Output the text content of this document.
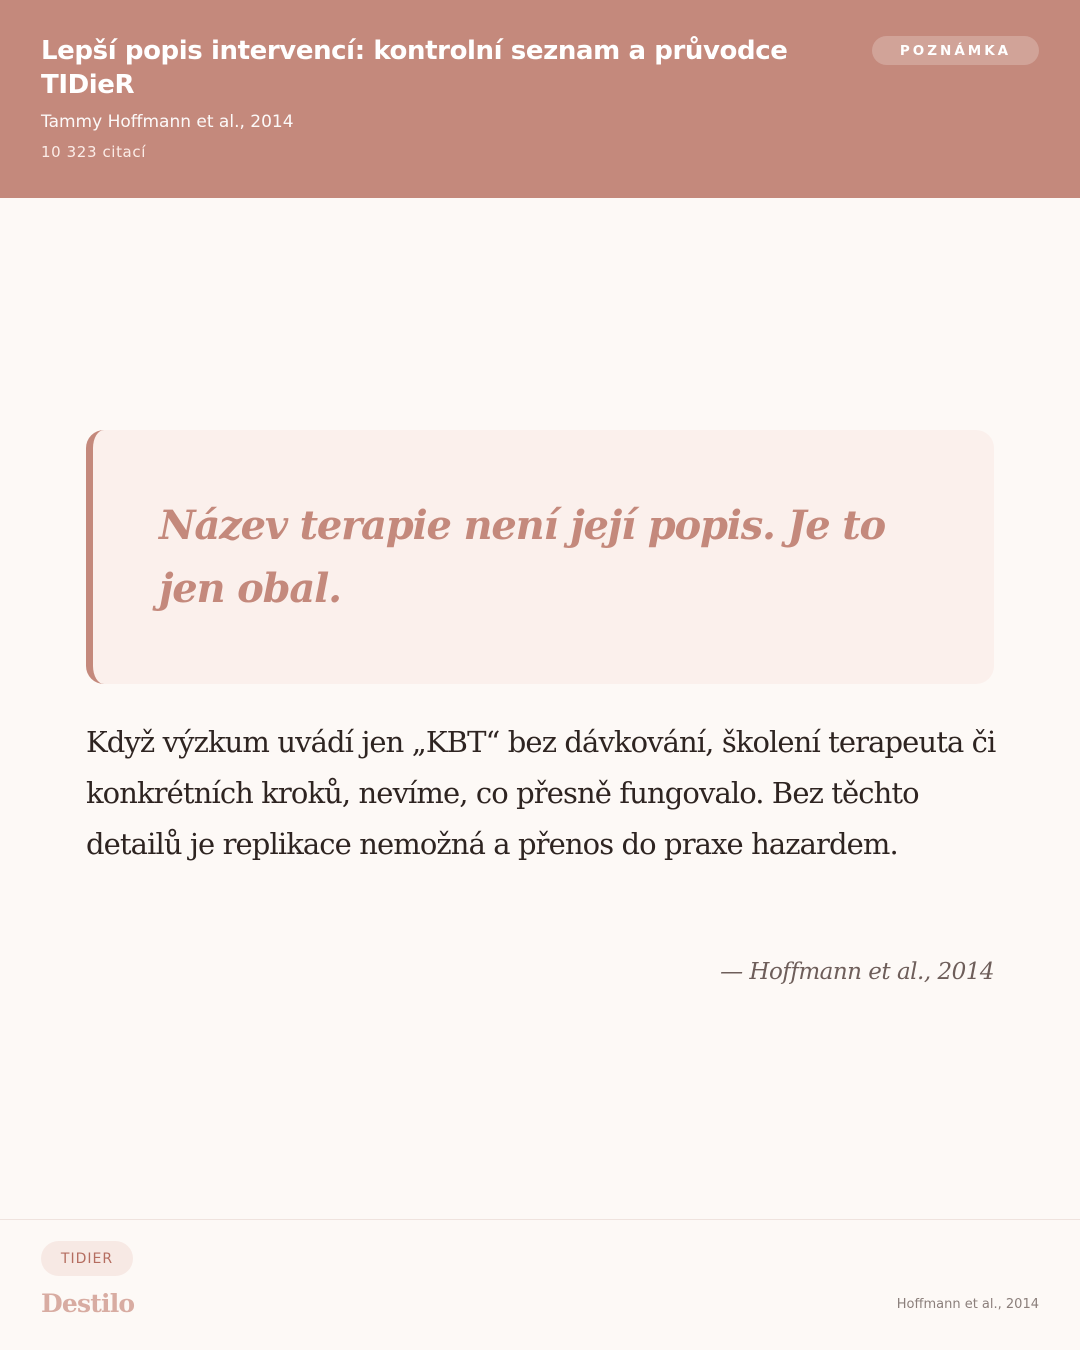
Lepší popis intervencí: kontrolní seznam a průvodce TIDieR
Tammy Hoffmann et al., 2014
10 323 citací
POZNÁMKA

Název terapie není její popis. Je to jen obal.

Když výzkum uvádí jen „KBT“ bez dávkování, školení terapeuta či konkrétních kroků, nevíme, co přesně fungovalo. Bez těchto detailů je replikace nemožná a přenos do praxe hazardem.

— Hoffmann et al., 2014
TIDIER
Destilo	Hoffmann et al., 2014
